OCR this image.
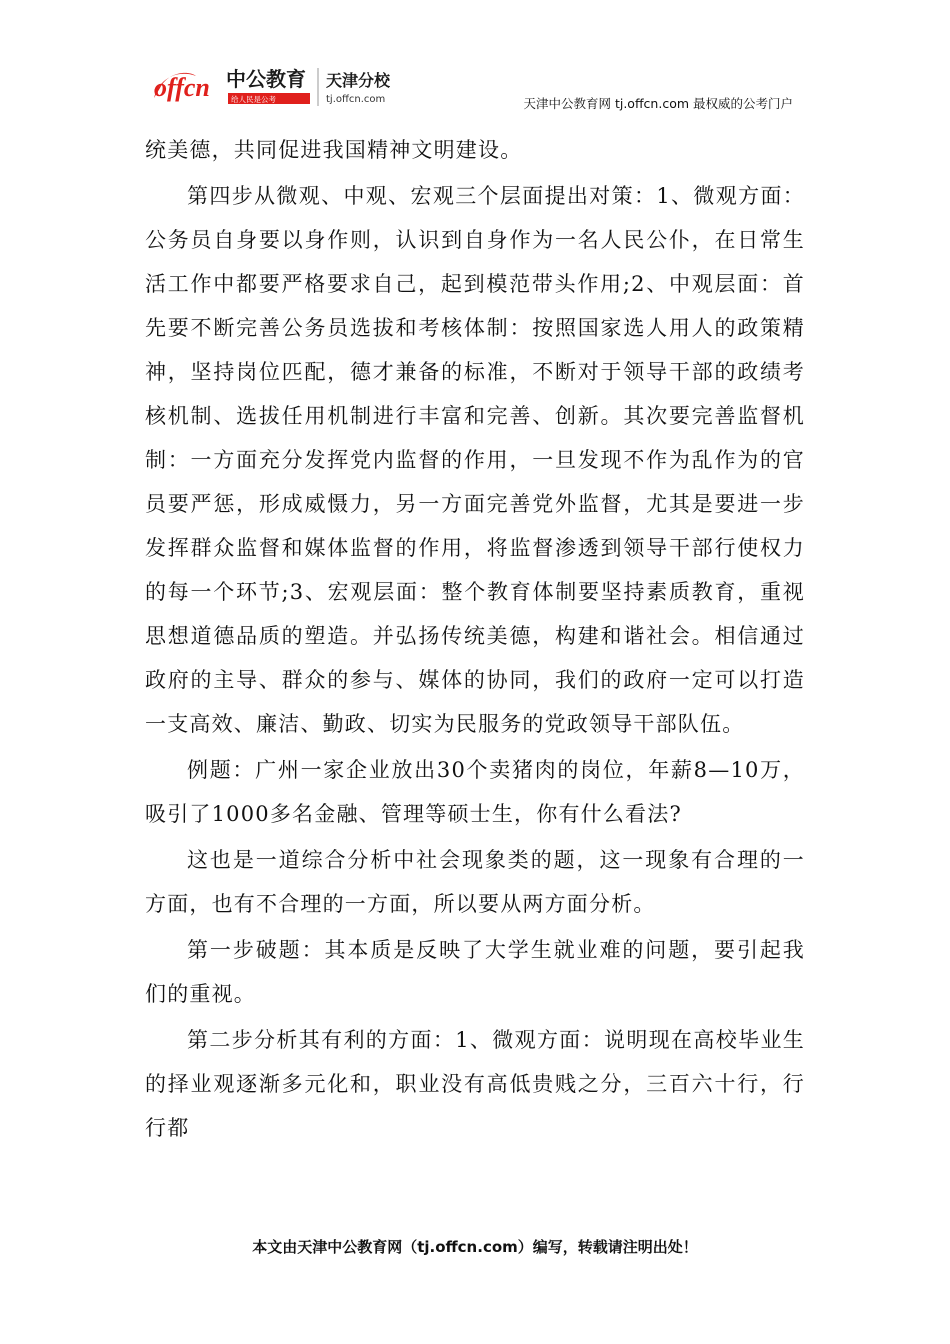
offcn 中公教育
给人民是公考
天津分校
tj.offcn.com	天津中公教育网 tj.offcn.com 最权威的公考门户

统美德，共同促进我国精神文明建设。

第四步从微观、中观、宏观三个层面提出对策：1、微观方面：公务员自身要以身作则，认识到自身作为一名人民公仆，在日常生活工作中都要严格要求自己，起到模范带头作用;2、中观层面：首先要不断完善公务员选拔和考核体制：按照国家选人用人的政策精神，坚持岗位匹配，德才兼备的标准，不断对于领导干部的政绩考核机制、选拔任用机制进行丰富和完善、创新。其次要完善监督机制：一方面充分发挥党内监督的作用，一旦发现不作为乱作为的官员要严惩，形成威慑力，另一方面完善党外监督，尤其是要进一步发挥群众监督和媒体监督的作用，将监督渗透到领导干部行使权力的每一个环节;3、宏观层面：整个教育体制要坚持素质教育，重视思想道德品质的塑造。并弘扬传统美德，构建和谐社会。相信通过政府的主导、群众的参与、媒体的协同，我们的政府一定可以打造一支高效、廉洁、勤政、切实为民服务的党政领导干部队伍。

例题：广州一家企业放出30个卖猪肉的岗位，年薪8—10万，吸引了1000多名金融、管理等硕士生，你有什么看法?

这也是一道综合分析中社会现象类的题，这一现象有合理的一方面，也有不合理的一方面，所以要从两方面分析。

第一步破题：其本质是反映了大学生就业难的问题，要引起我们的重视。

第二步分析其有利的方面：1、微观方面：说明现在高校毕业生的择业观逐渐多元化和，职业没有高低贵贱之分，三百六十行，行行都

本文由天津中公教育网（tj.offcn.com）编写，转载请注明出处！
